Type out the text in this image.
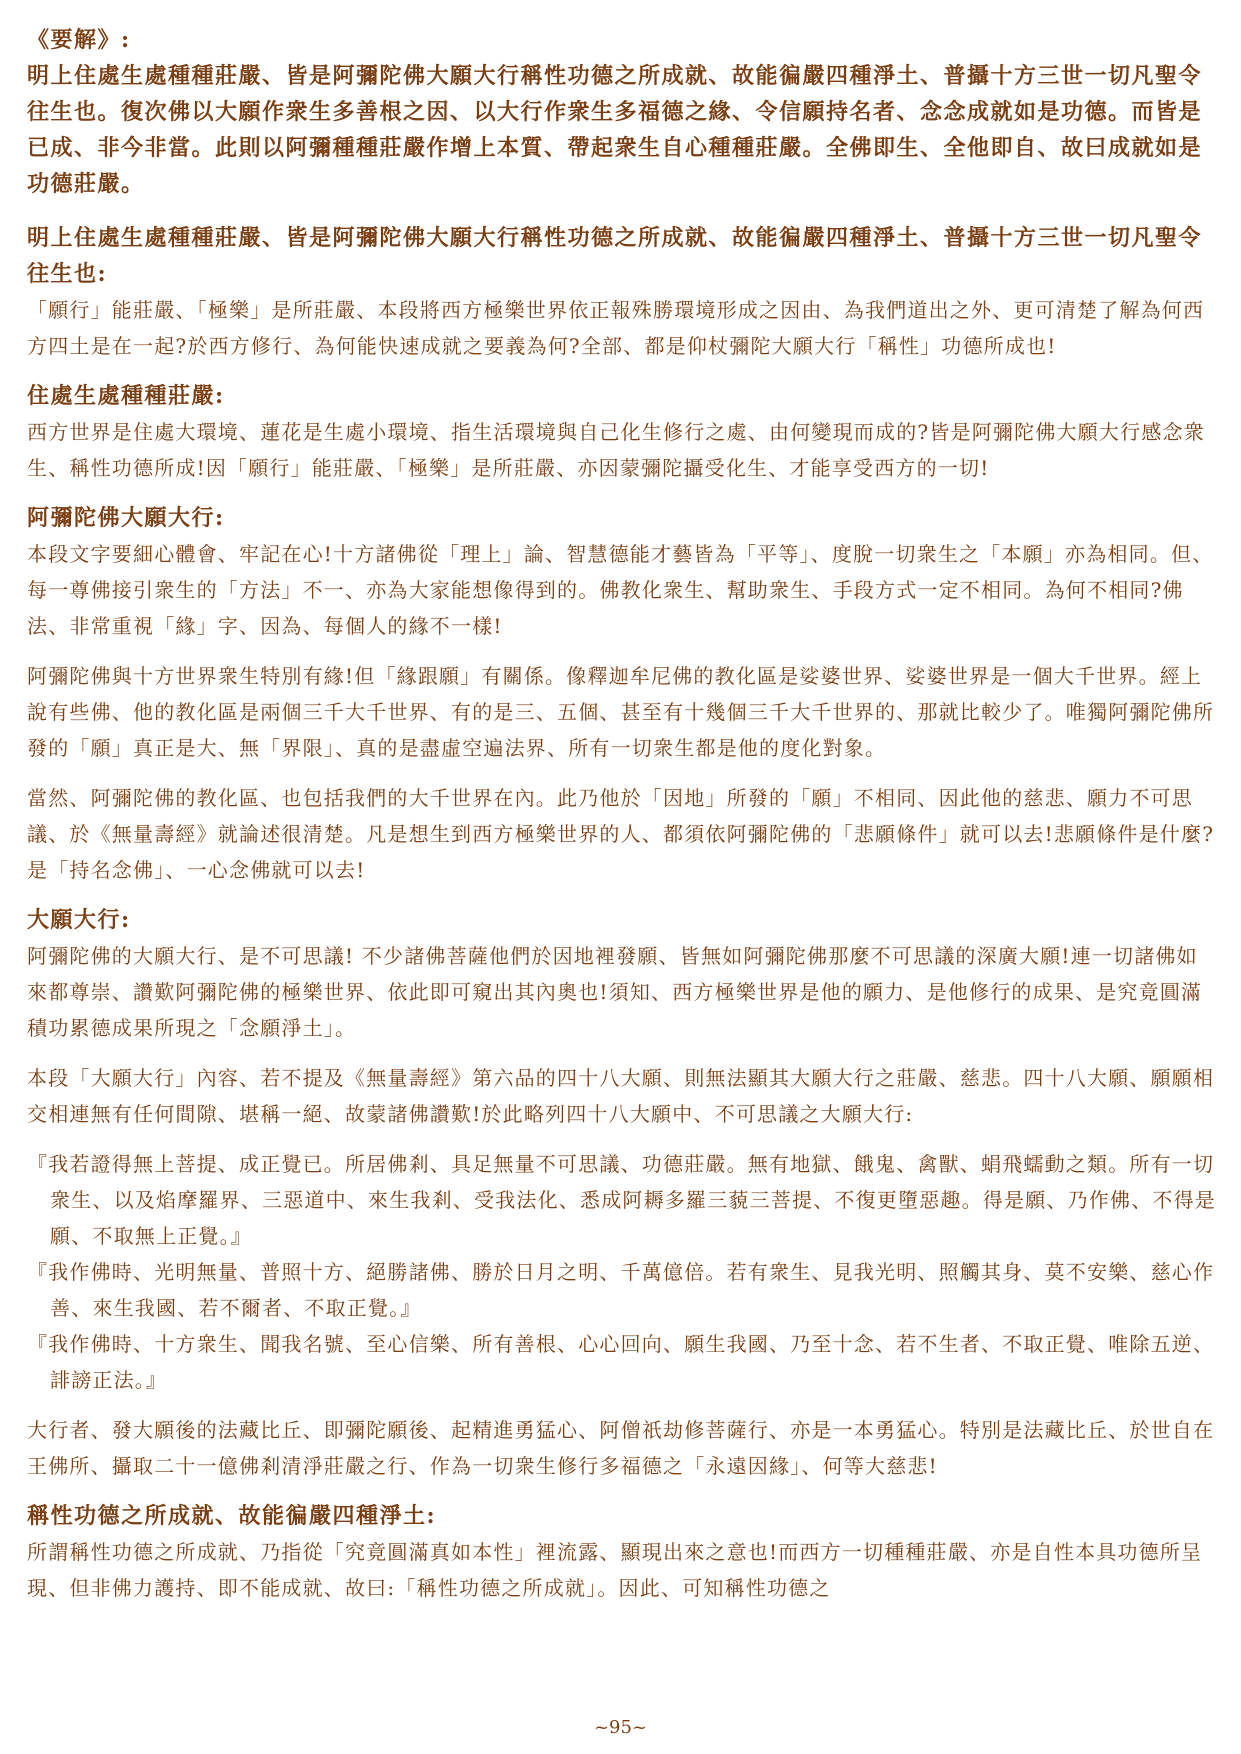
《要解》:

明上住處生處種種莊嚴、皆是阿彌陀佛大願大行稱性功德之所成就、故能徧嚴四種淨土、普攝十方三世一切凡聖令往生也。復次佛以大願作衆生多善根之因、以大行作衆生多福德之緣、令信願持名者、念念成就如是功德。而皆是已成、非今非當。此則以阿彌種種莊嚴作增上本質、帶起衆生自心種種莊嚴。全佛即生、全他即自、故曰成就如是功德莊嚴。

明上住處生處種種莊嚴、皆是阿彌陀佛大願大行稱性功德之所成就、故能徧嚴四種淨土、普攝十方三世一切凡聖令往生也:

「願行」能莊嚴、「極樂」是所莊嚴、本段將西方極樂世界依正報殊勝環境形成之因由、為我們道出之外、更可清楚了解為何西方四土是在一起?於西方修行、為何能快速成就之要義為何?全部、都是仰杖彌陀大願大行「稱性」功德所成也!

住處生處種種莊嚴:

西方世界是住處大環境、蓮花是生處小環境、指生活環境與自己化生修行之處、由何變現而成的?皆是阿彌陀佛大願大行感念衆生、稱性功德所成!因「願行」能莊嚴、「極樂」是所莊嚴、亦因蒙彌陀攝受化生、才能享受西方的一切!

阿彌陀佛大願大行:

本段文字要細心體會、牢記在心!十方諸佛從「理上」論、智慧德能才藝皆為「平等」、度脫一切衆生之「本願」亦為相同。但、每一尊佛接引衆生的「方法」不一、亦為大家能想像得到的。佛教化衆生、幫助衆生、手段方式一定不相同。為何不相同?佛法、非常重視「緣」字、因為、每個人的緣不一樣!

阿彌陀佛與十方世界衆生特別有緣!但「緣跟願」有關係。像釋迦牟尼佛的教化區是娑婆世界、娑婆世界是一個大千世界。經上說有些佛、他的教化區是兩個三千大千世界、有的是三、五個、甚至有十幾個三千大千世界的、那就比較少了。唯獨阿彌陀佛所發的「願」真正是大、無「界限」、真的是盡虛空遍法界、所有一切衆生都是他的度化對象。

當然、阿彌陀佛的教化區、也包括我們的大千世界在內。此乃他於「因地」所發的「願」不相同、因此他的慈悲、願力不可思議、於《無量壽經》就論述很清楚。凡是想生到西方極樂世界的人、都須依阿彌陀佛的「悲願條件」就可以去!悲願條件是什麼?是「持名念佛」、一心念佛就可以去!

大願大行:

阿彌陀佛的大願大行、是不可思議! 不少諸佛菩薩他們於因地裡發願、皆無如阿彌陀佛那麼不可思議的深廣大願!連一切諸佛如來都尊崇、讚歎阿彌陀佛的極樂世界、依此即可窺出其內奧也!須知、西方極樂世界是他的願力、是他修行的成果、是究竟圓滿積功累德成果所現之「念願淨土」。

本段「大願大行」內容、若不提及《無量壽經》第六品的四十八大願、則無法顯其大願大行之莊嚴、慈悲。四十八大願、願願相交相連無有任何間隙、堪稱一絕、故蒙諸佛讚歎!於此略列四十八大願中、不可思議之大願大行:

『我若證得無上菩提、成正覺已。所居佛剎、具足無量不可思議、功德莊嚴。無有地獄、餓鬼、禽獸、蜎飛蠕動之類。所有一切衆生、以及焰摩羅界、三惡道中、來生我剎、受我法化、悉成阿耨多羅三藐三菩提、不復更墮惡趣。得是願、乃作佛、不得是願、不取無上正覺。』

『我作佛時、光明無量、普照十方、絕勝諸佛、勝於日月之明、千萬億倍。若有衆生、見我光明、照觸其身、莫不安樂、慈心作善、來生我國、若不爾者、不取正覺。』

『我作佛時、十方衆生、聞我名號、至心信樂、所有善根、心心回向、願生我國、乃至十念、若不生者、不取正覺、唯除五逆、誹謗正法。』

大行者、發大願後的法藏比丘、即彌陀願後、起精進勇猛心、阿僧祇劫修菩薩行、亦是一本勇猛心。特別是法藏比丘、於世自在王佛所、攝取二十一億佛剎清淨莊嚴之行、作為一切衆生修行多福德之「永遠因緣」、何等大慈悲!

稱性功德之所成就、故能徧嚴四種淨土:

所謂稱性功德之所成就、乃指從「究竟圓滿真如本性」裡流露、顯現出來之意也!而西方一切種種莊嚴、亦是自性本具功德所呈現、但非佛力護持、即不能成就、故曰:「稱性功德之所成就」。因此、可知稱性功德之

~95~
